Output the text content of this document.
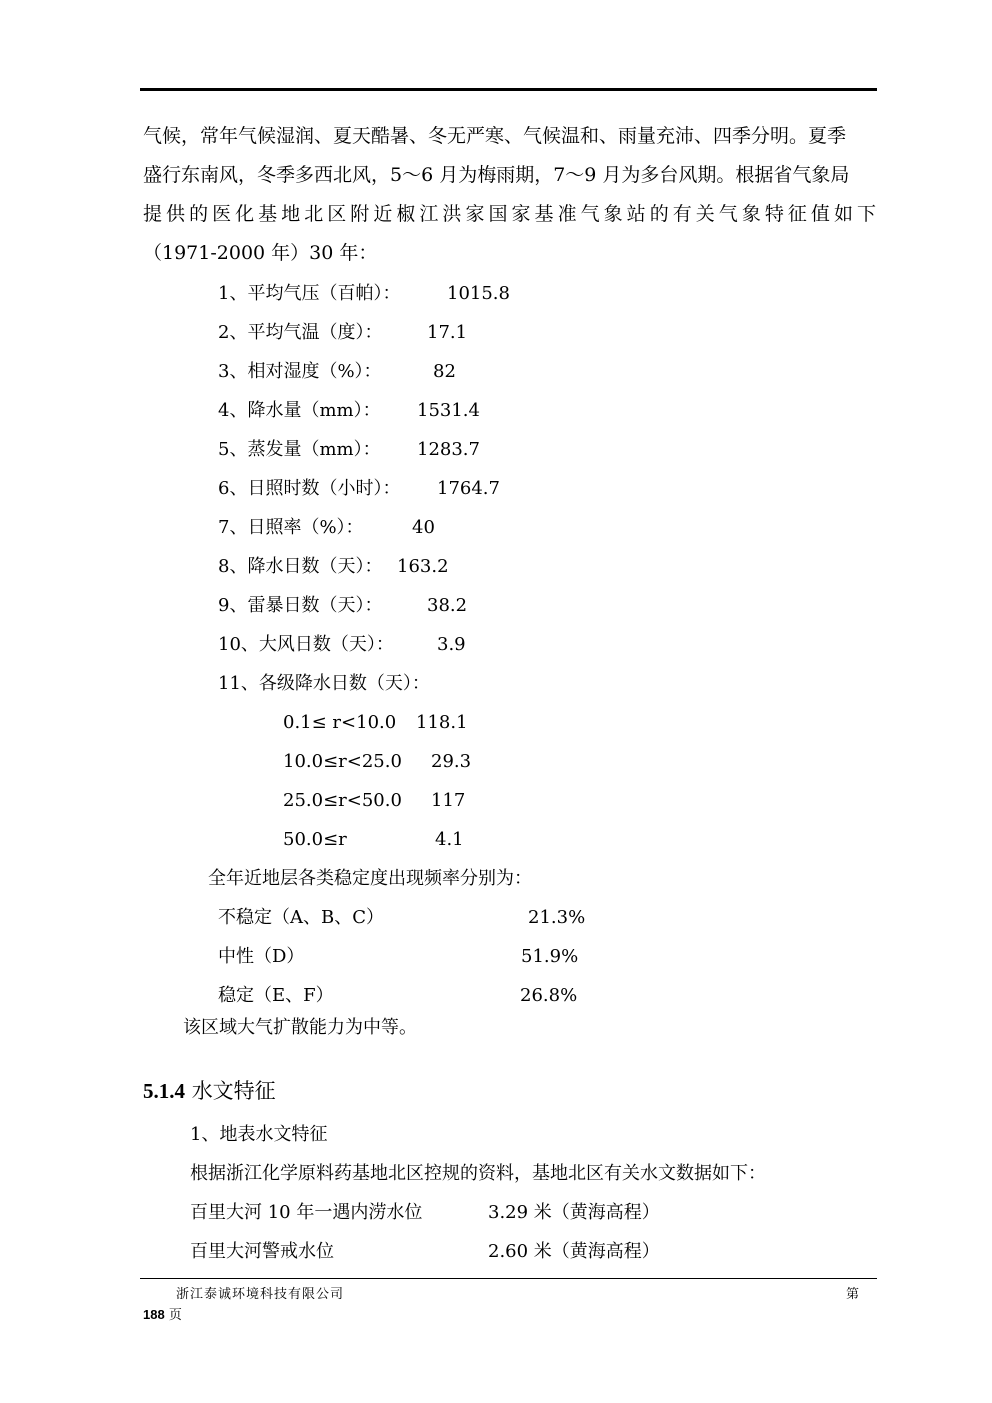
气候，常年气候湿润、夏天酷暑、冬无严寒、气候温和、雨量充沛、四季分明。夏季
盛行东南风，冬季多西北风，5～6 月为梅雨期，7～9 月为多台风期。根据省气象局
提供的医化基地北区附近椒江洪家国家基准气象站的有关气象特征值如下
（1971-2000 年）30 年：
1、平均气压（百帕）：	1015.8
2、平均气温（度）： 17.1
3、相对湿度（%）：	82
4、降水量（mm）： 1531.4
5、蒸发量（mm）： 1283.7
6、日照时数（小时）： 1764.7
7、日照率（%）：	40
8、降水日数（天）： 163.2
9、雷暴日数（天）： 38.2
10、大风日数（天）： 3.9
11、各级降水日数（天）：
0.1≤ r<10.0 118.1
10.0≤r<25.0 29.3
25.0≤r<50.0 117
50.0≤r	4.1
全年近地层各类稳定度出现频率分别为：
不稳定（A、B、C）	21.3%
中性（D）	51.9%
稳定（E、F）	26.8%
该区域大气扩散能力为中等。
5.1.4 水文特征
1、地表水文特征
根据浙江化学原料药基地北区控规的资料，基地北区有关水文数据如下：
百里大河 10 年一遇内涝水位	3.29 米（黄海高程）
百里大河警戒水位	2.60 米（黄海高程）
浙江泰诚环境科技有限公司	第
188 页
